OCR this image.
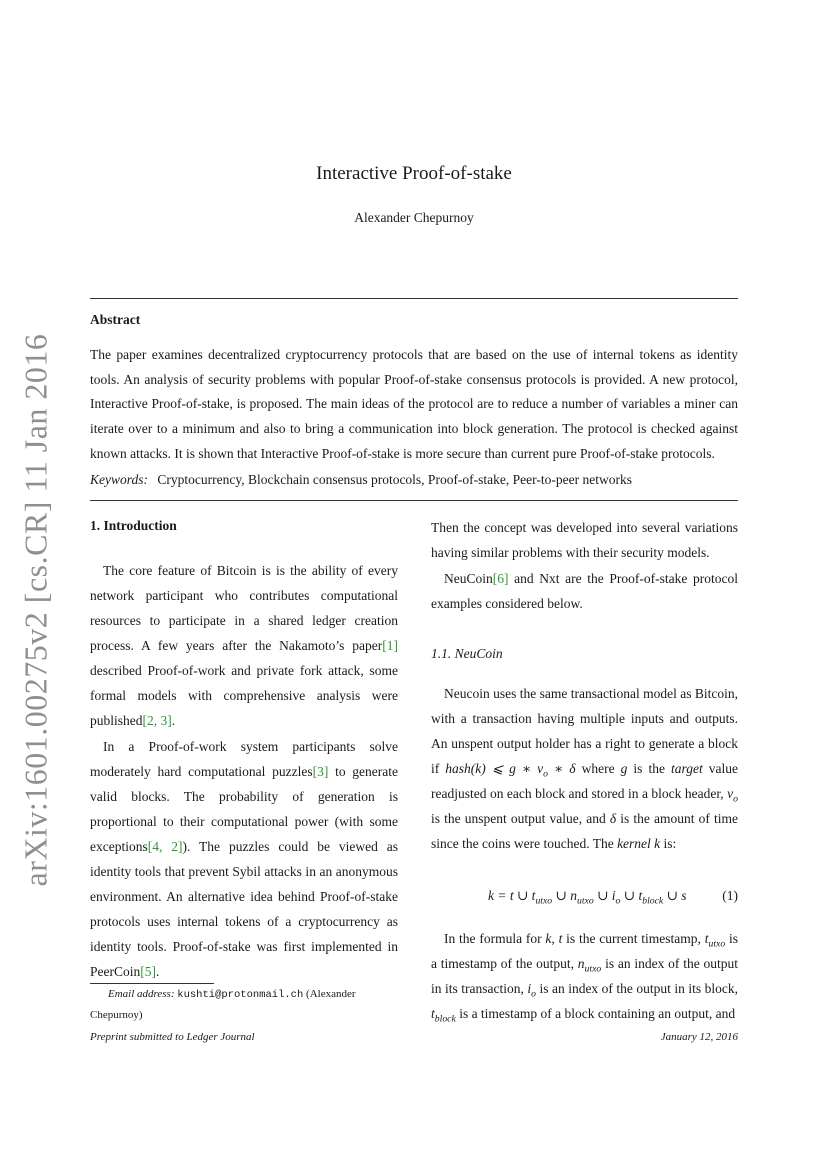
arXiv:1601.00275v2 [cs.CR] 11 Jan 2016
Interactive Proof-of-stake
Alexander Chepurnoy
Abstract
The paper examines decentralized cryptocurrency protocols that are based on the use of internal tokens as identity tools. An analysis of security problems with popular Proof-of-stake consensus protocols is provided. A new protocol, Interactive Proof-of-stake, is proposed. The main ideas of the protocol are to reduce a number of variables a miner can iterate over to a minimum and also to bring a communication into block generation. The protocol is checked against known attacks. It is shown that Interactive Proof-of-stake is more secure than current pure Proof-of-stake protocols.
Keywords: Cryptocurrency, Blockchain consensus protocols, Proof-of-stake, Peer-to-peer networks
1. Introduction
The core feature of Bitcoin is is the ability of every network participant who contributes computational resources to participate in a shared ledger creation process. A few years after the Nakamoto’s paper[1] described Proof-of-work and private fork attack, some formal models with comprehensive analysis were published[2, 3].
In a Proof-of-work system participants solve moderately hard computational puzzles[3] to generate valid blocks. The probability of generation is proportional to their computational power (with some exceptions[4, 2]). The puzzles could be viewed as identity tools that prevent Sybil attacks in an anonymous environment. An alternative idea behind Proof-of-stake protocols uses internal tokens of a cryptocurrency as identity tools. Proof-of-stake was first implemented in PeerCoin[5].
Email address: kushti@protonmail.ch (Alexander Chepurnoy)
Preprint submitted to Ledger Journal	January 12, 2016
Then the concept was developed into several variations having similar problems with their security models.
NeuCoin[6] and Nxt are the Proof-of-stake protocol examples considered below.
1.1. NeuCoin
Neucoin uses the same transactional model as Bitcoin, with a transaction having multiple inputs and outputs. An unspent output holder has a right to generate a block if hash(k) ⩽ g ∗ $v_o$ ∗ δ where g is the target value readjusted on each block and stored in a block header, $v_o$ is the unspent output value, and δ is the amount of time since the coins were touched. The kernel k is:
k = t ∪ $t_{utxo}$ ∪ $n_{utxo}$ ∪ $i_o$ ∪ $t_{block}$ ∪ s	(1)
In the formula for k, t is the current timestamp, $t_{utxo}$ is a timestamp of the output, $n_{utxo}$ is an index of the output in its transaction, $i_o$ is an index of the output in its block, $t_{block}$ is a timestamp of a block containing an output, and
